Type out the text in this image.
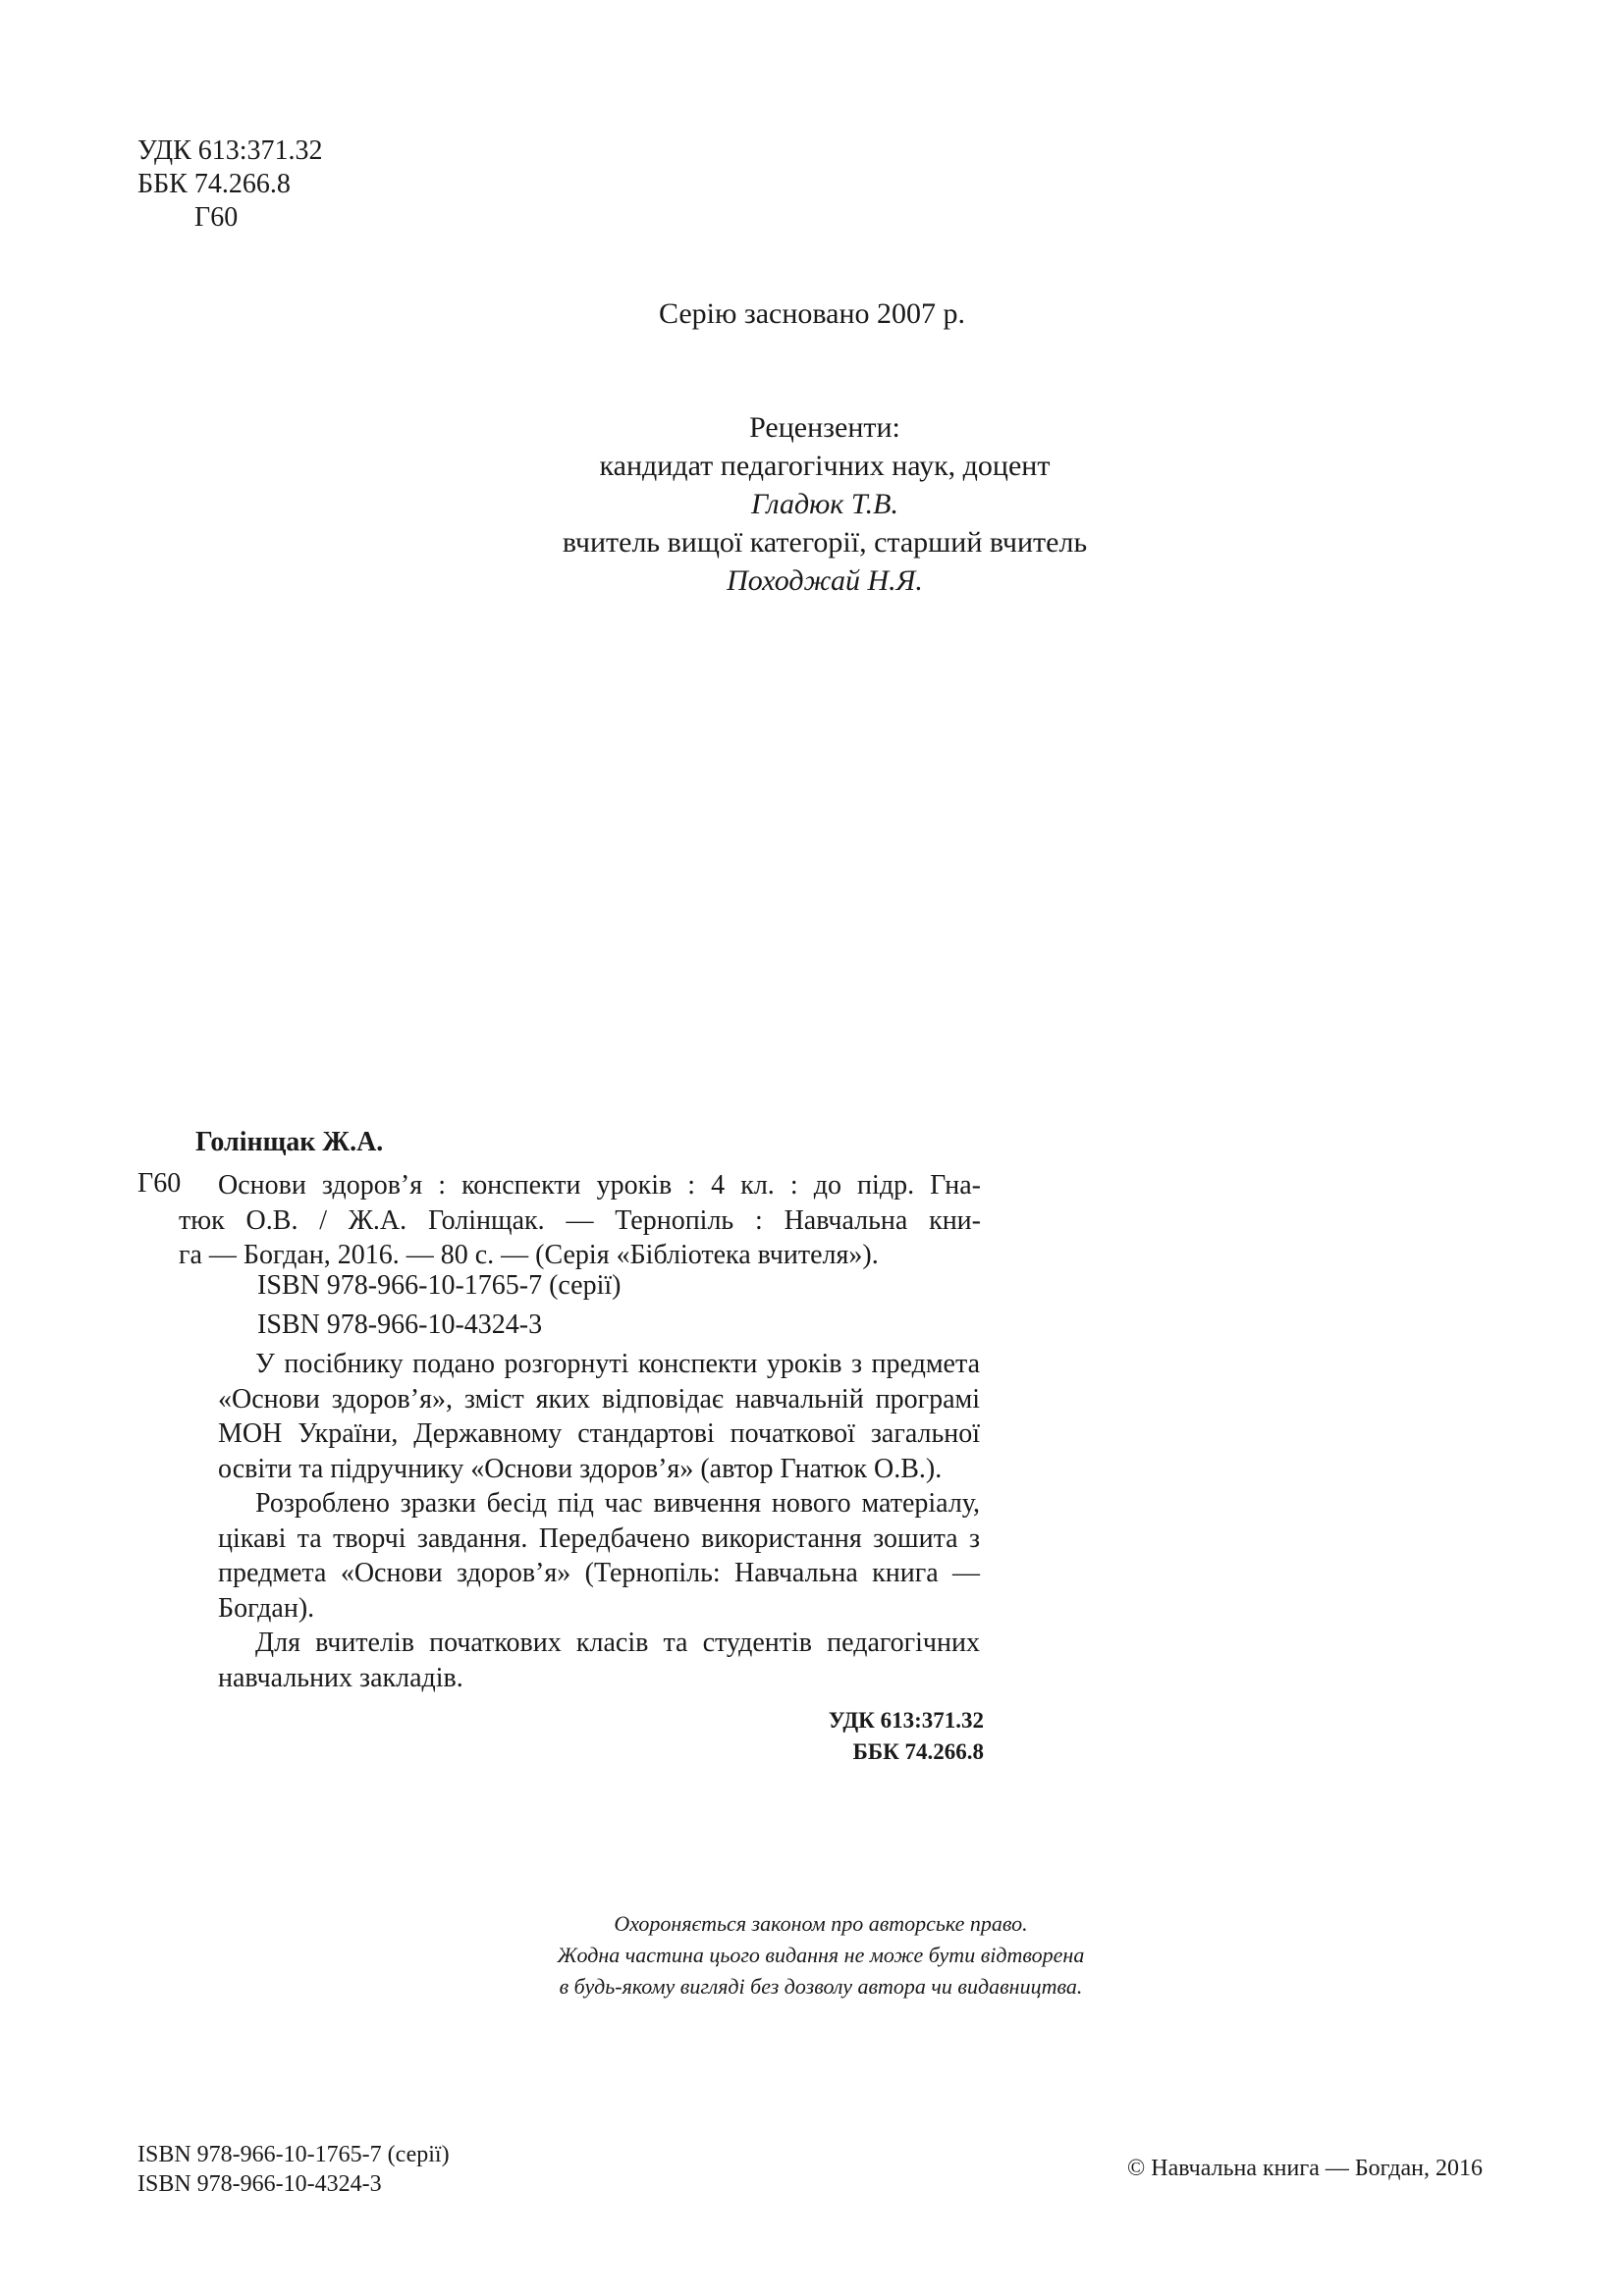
УДК 613:371.32
ББК 74.266.8
Г60
Серію засновано 2007 р.
Рецензенти:
кандидат педагогічних наук, доцент
Гладюк Т.В.
вчитель вищої категорії, старший вчитель
Походжай Н.Я.
Голінщак Ж.А.
Г60 Основи здоров’я : конспекти уроків : 4 кл. : до підр. Гна-

тюк О.В. / Ж.А. Голінщак. — Тернопіль : Навчальна кни-

га — Богдан, 2016. — 80 с. — (Серія «Бібліотека вчителя»).

ISBN 978-966-10-1765-7 (серії)
ISBN 978-966-10-4324-3

У посібнику подано розгорнуті конспекти уроків з предмета «Основи здоров’я», зміст яких відповідає навчальній програмі МОН України, Державному стандартові початкової загальної освіти та підручнику «Основи здоров’я» (автор Гнатюк О.В.).

Розроблено зразки бесід під час вивчення нового матеріалу, цікаві та творчі завдання. Передбачено використання зошита з предмета «Основи здоров’я» (Тернопіль: Навчальна книга — Богдан).

Для вчителів початкових класів та студентів педагогічних навчальних закладів.

УДК 613:371.32
ББК 74.266.8
Охороняється законом про авторське право.
Жодна частина цього видання не може бути відтворена
в будь-якому вигляді без дозволу автора чи видавництва.
ISBN 978-966-10-1765-7 (серії)
ISBN 978-966-10-4324-3
© Навчальна книга — Богдан, 2016
